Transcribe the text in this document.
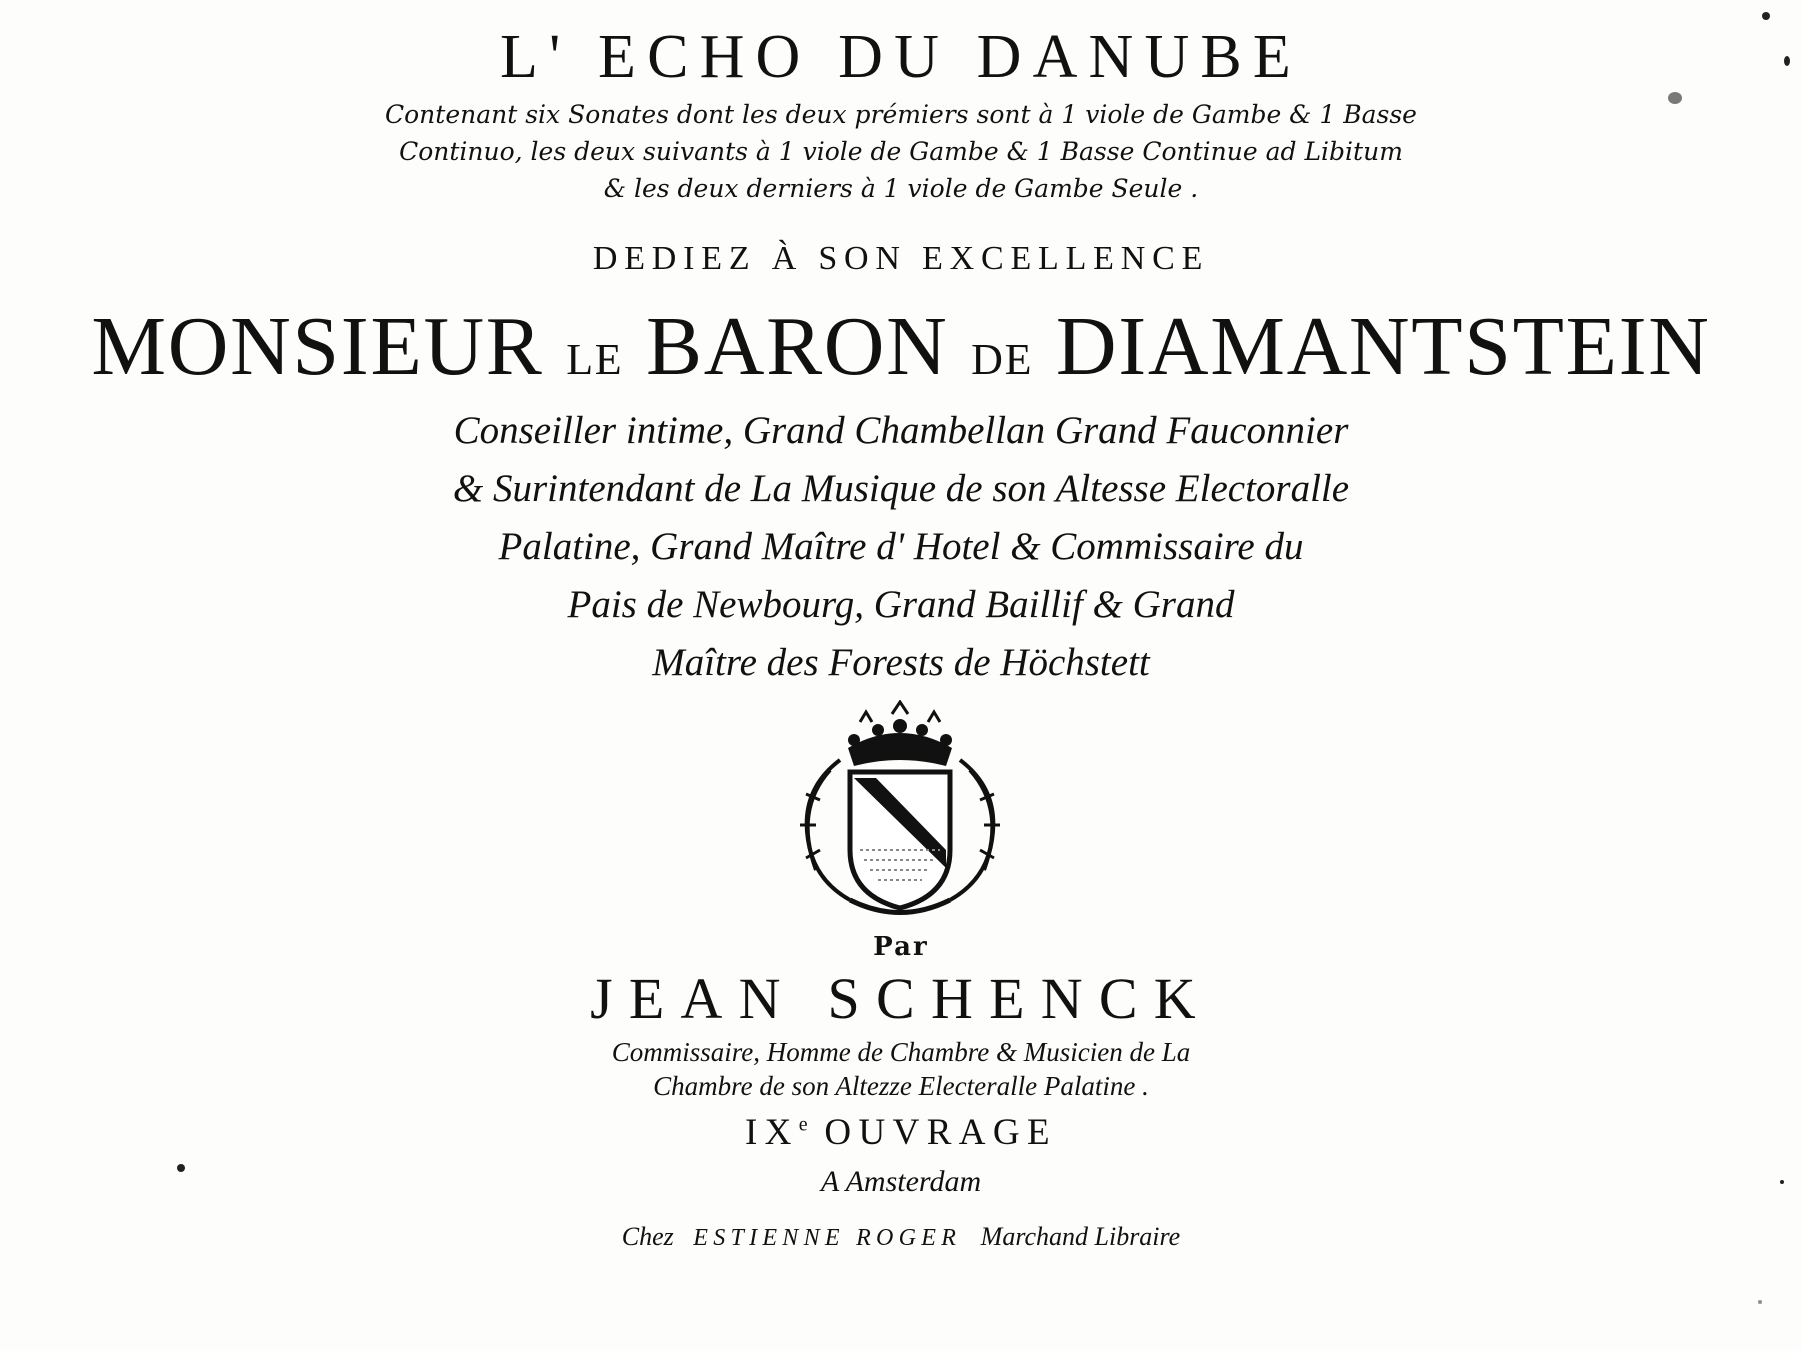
L' ECHO DU DANUBE
Contenant six Sonates dont les deux prémiers sont à 1 viole de Gambe & 1 Basse
Continuo, les deux suivants à 1 viole de Gambe & 1 Basse Continue ad Libitum
& les deux derniers à 1 viole de Gambe Seule .
DEDIEZ À SON EXCELLENCE
MONSIEUR LE BARON DE DIAMANTSTEIN
Conseiller intime, Grand Chambellan Grand Fauconnier
& Surintendant de La Musique de son Altesse Electoralle
Palatine, Grand Maître d' Hotel & Commissaire du
Pais de Newbourg, Grand Baillif & Grand
Maître des Forests de Höchstett
Par
JEAN SCHENCK
Commissaire, Homme de Chambre & Musicien de La
Chambre de son Altezze Electeralle Palatine .
IXe OUVRAGE
A Amsterdam
Chez ESTIENNE ROGER Marchand Libraire
